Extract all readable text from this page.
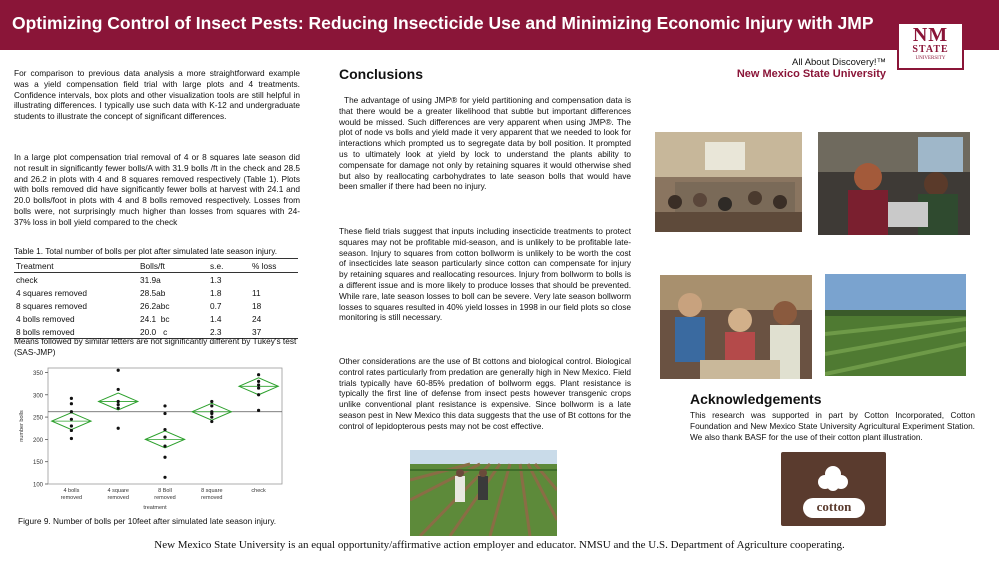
Optimizing Control of Insect Pests: Reducing Insecticide Use and Minimizing Economic Injury with JMP
NM
STATE
UNIVERSITY
All About Discovery!™
New Mexico State University
For comparison to previous data analysis a more straightforward example was a yield compensation field trial with large plots and 4 treatments. Confidence intervals, box plots and other visualization tools are still helpful in illustrating differences. I typically use such data with K-12 and undergraduate students to illustrate the concept of significant differences.
In a large plot compensation trial removal of 4 or 8 squares late season did not result in significantly fewer bolls/A with 31.9 bolls /ft in the check and 28.5 and 26.2 in plots with 4 and 8 squares removed respectively (Table 1). Plots with bolls removed did have significantly fewer bolls at harvest with 24.1 and 20.0 bolls/foot in plots with 4 and 8 bolls removed respectively. Losses from bolls were, not surprisingly much higher than losses from squares with 24-37% loss in boll yield compared to the check
Table 1. Total number of bolls per plot after simulated late season injury.
Treatment	Bolls/ft	s.e.	% loss
check	31.9a	1.3	
4 squares removed	28.5ab	1.8	11
8 squares removed	26.2abc	0.7	18
4 bolls removed	24.1  bc	1.4	24
8 bolls removed	20.0   c	2.3	37
Means followed by similar letters are not significantly different by Tukey's test (SAS-JMP)
100
150
200
250
300
350
number bolls
4 bolls
removed
4 square
removed
8 Boll
removed
8 square
removed
check
treatment
Figure 9. Number of bolls per 10feet after simulated late season injury.
Conclusions
The advantage of using JMP® for yield partitioning and compensation data is that there would be a greater likelihood that subtle but important differences would be missed. Such differences are very apparent when using JMP®. The plot of node vs bolls and yield made it very apparent that we needed to look for interactions which prompted us to segregate data by boll position. It prompted us to ultimately look at yield by lock to understand the plants ability to compensate for damage not only by retaining squares it would otherwise shed but also by reallocating carbohydrates to late season bolls that would have been smaller if there had been no injury.
These field trials suggest that inputs including insecticide treatments to protect squares may not be profitable mid-season, and is unlikely to be profitable late-season. Injury to squares from cotton bollworm is unlikely to be worth the cost of insecticides late season particularly since cotton can compensate for injury by retaining squares and reallocating resources. Injury from bollworm to bolls is a different issue and is more likely to produce losses that should be prevented. While rare, late season losses to boll can be severe. Very late season bollworm losses to squares resulted in 40% yield losses in 1998 in our field plots so close monitoring is still necessary.
Other considerations are the use of Bt cottons and biological control. Biological control rates particularly from predation are generally high in New Mexico. Field trials typically have 60-85% predation of bollworm eggs. Plant resistance is typically the first line of defense from insect pests however transgenic crops unlike conventional plant resistance is expensive. Since bollworm is a late season pest in New Mexico this data suggests that the use of Bt cottons for the control of lepidopterous pests may not be cost effective.
Acknowledgements
This research was supported in part by Cotton Incorporated, Cotton Foundation and New Mexico State University Agricultural Experiment Station. We also thank BASF for the use of their cotton plant illustration.
cotton
New Mexico State University is an equal opportunity/affirmative action employer and educator. NMSU and the U.S. Department of Agriculture cooperating.
